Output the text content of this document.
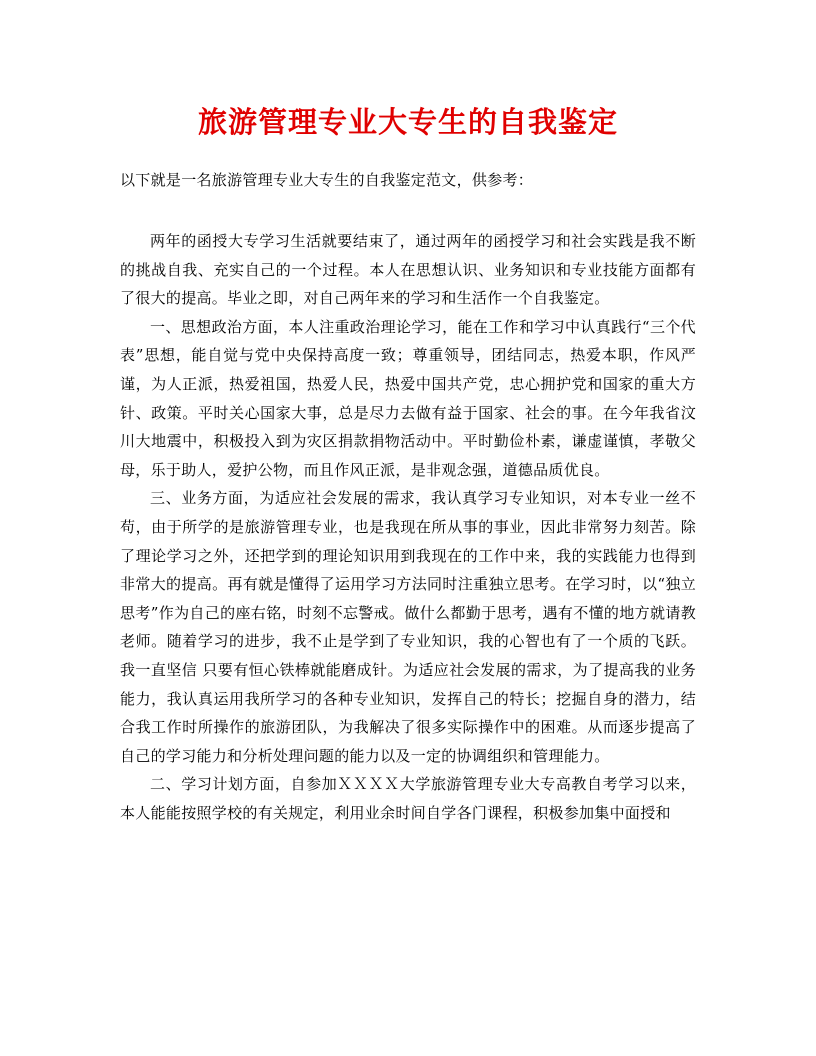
旅游管理专业大专生的自我鉴定

以下就是一名旅游管理专业大专生的自我鉴定范文，供参考：

两年的函授大专学习生活就要结束了，通过两年的函授学习和社会实践是我不断的挑战自我、充实自己的一个过程。本人在思想认识、业务知识和专业技能方面都有了很大的提高。毕业之即，对自己两年来的学习和生活作一个自我鉴定。

一、思想政治方面，本人注重政治理论学习，能在工作和学习中认真践行“三个代表”思想，能自觉与党中央保持高度一致；尊重领导，团结同志，热爱本职，作风严谨，为人正派，热爱祖国，热爱人民，热爱中国共产党，忠心拥护党和国家的重大方针、政策。平时关心国家大事，总是尽力去做有益于国家、社会的事。在今年我省汶川大地震中，积极投入到为灾区捐款捐物活动中。平时勤俭朴素，谦虚谨慎，孝敬父母，乐于助人，爱护公物，而且作风正派，是非观念强，道德品质优良。

三、业务方面，为适应社会发展的需求，我认真学习专业知识，对本专业一丝不苟，由于所学的是旅游管理专业，也是我现在所从事的事业，因此非常努力刻苦。除了理论学习之外，还把学到的理论知识用到我现在的工作中来，我的实践能力也得到非常大的提高。再有就是懂得了运用学习方法同时注重独立思考。在学习时，以“独立思考”作为自己的座右铭，时刻不忘警戒。做什么都勤于思考，遇有不懂的地方就请教老师。随着学习的进步，我不止是学到了专业知识，我的心智也有了一个质的飞跃。我一直坚信 只要有恒心铁棒就能磨成针。为适应社会发展的需求，为了提高我的业务能力，我认真运用我所学习的各种专业知识，发挥自己的特长；挖掘自身的潜力，结合我工作时所操作的旅游团队，为我解决了很多实际操作中的困难。从而逐步提高了自己的学习能力和分析处理问题的能力以及一定的协调组织和管理能力。

二、学习计划方面，自参加ＸＸＸＸ大学旅游管理专业大专高教自考学习以来，本人能能按照学校的有关规定，利用业余时间自学各门课程，积极参加集中面授和
